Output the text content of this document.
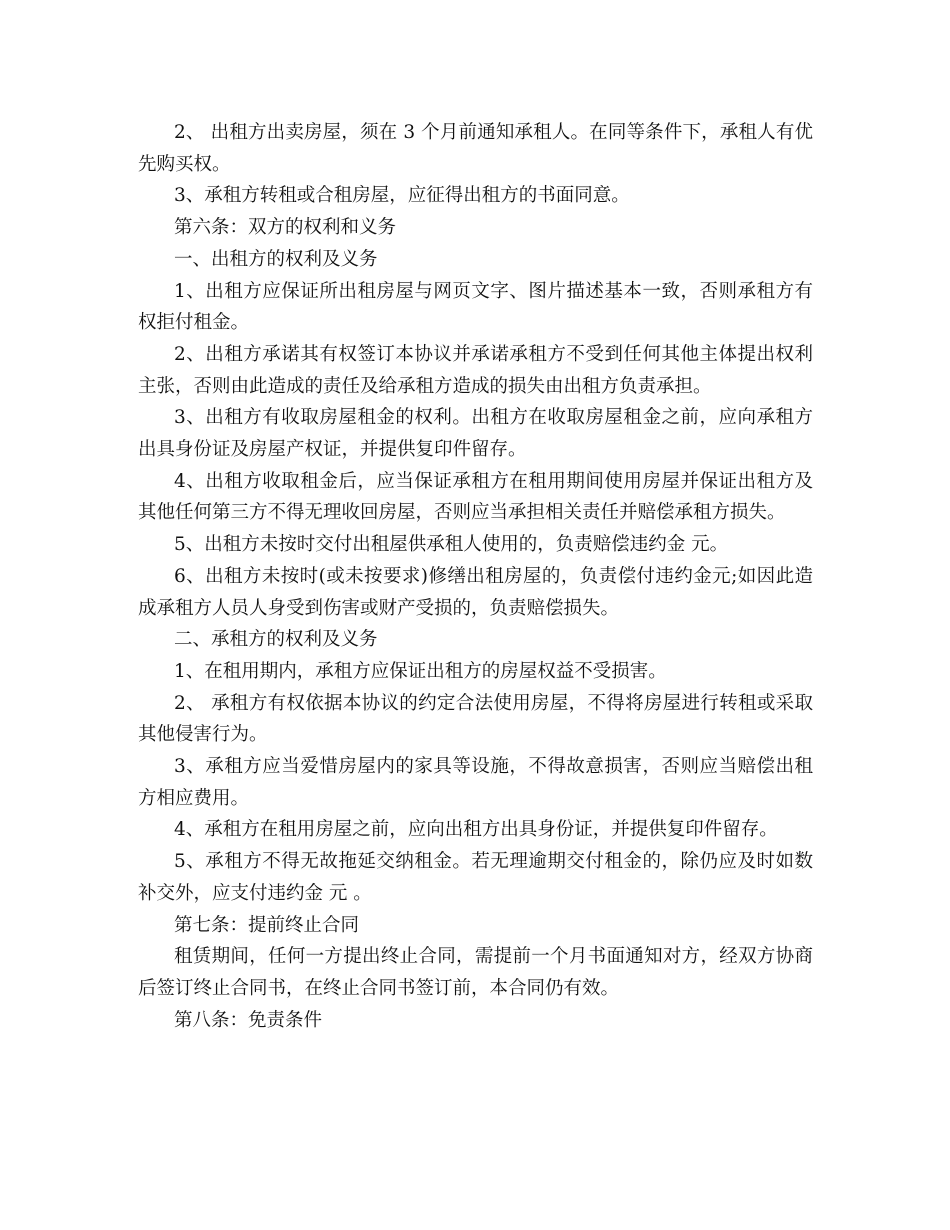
2、 出租方出卖房屋，须在 3 个月前通知承租人。在同等条件下，承租人有优先购买权。

3、承租方转租或合租房屋，应征得出租方的书面同意。

第六条：双方的权利和义务

一、出租方的权利及义务

1、出租方应保证所出租房屋与网页文字、图片描述基本一致，否则承租方有权拒付租金。

2、出租方承诺其有权签订本协议并承诺承租方不受到任何其他主体提出权利主张，否则由此造成的责任及给承租方造成的损失由出租方负责承担。

3、出租方有收取房屋租金的权利。出租方在收取房屋租金之前，应向承租方出具身份证及房屋产权证，并提供复印件留存。

4、出租方收取租金后，应当保证承租方在租用期间使用房屋并保证出租方及其他任何第三方不得无理收回房屋，否则应当承担相关责任并赔偿承租方损失。

5、出租方未按时交付出租屋供承租人使用的，负责赔偿违约金 元。

6、出租方未按时(或未按要求)修缮出租房屋的，负责偿付违约金元;如因此造成承租方人员人身受到伤害或财产受损的，负责赔偿损失。

二、承租方的权利及义务

1、在租用期内，承租方应保证出租方的房屋权益不受损害。

2、 承租方有权依据本协议的约定合法使用房屋，不得将房屋进行转租或采取其他侵害行为。

3、承租方应当爱惜房屋内的家具等设施，不得故意损害，否则应当赔偿出租方相应费用。

4、承租方在租用房屋之前，应向出租方出具身份证，并提供复印件留存。

5、承租方不得无故拖延交纳租金。若无理逾期交付租金的，除仍应及时如数补交外，应支付违约金 元 。

第七条：提前终止合同

租赁期间，任何一方提出终止合同，需提前一个月书面通知对方，经双方协商后签订终止合同书，在终止合同书签订前，本合同仍有效。

第八条：免责条件
